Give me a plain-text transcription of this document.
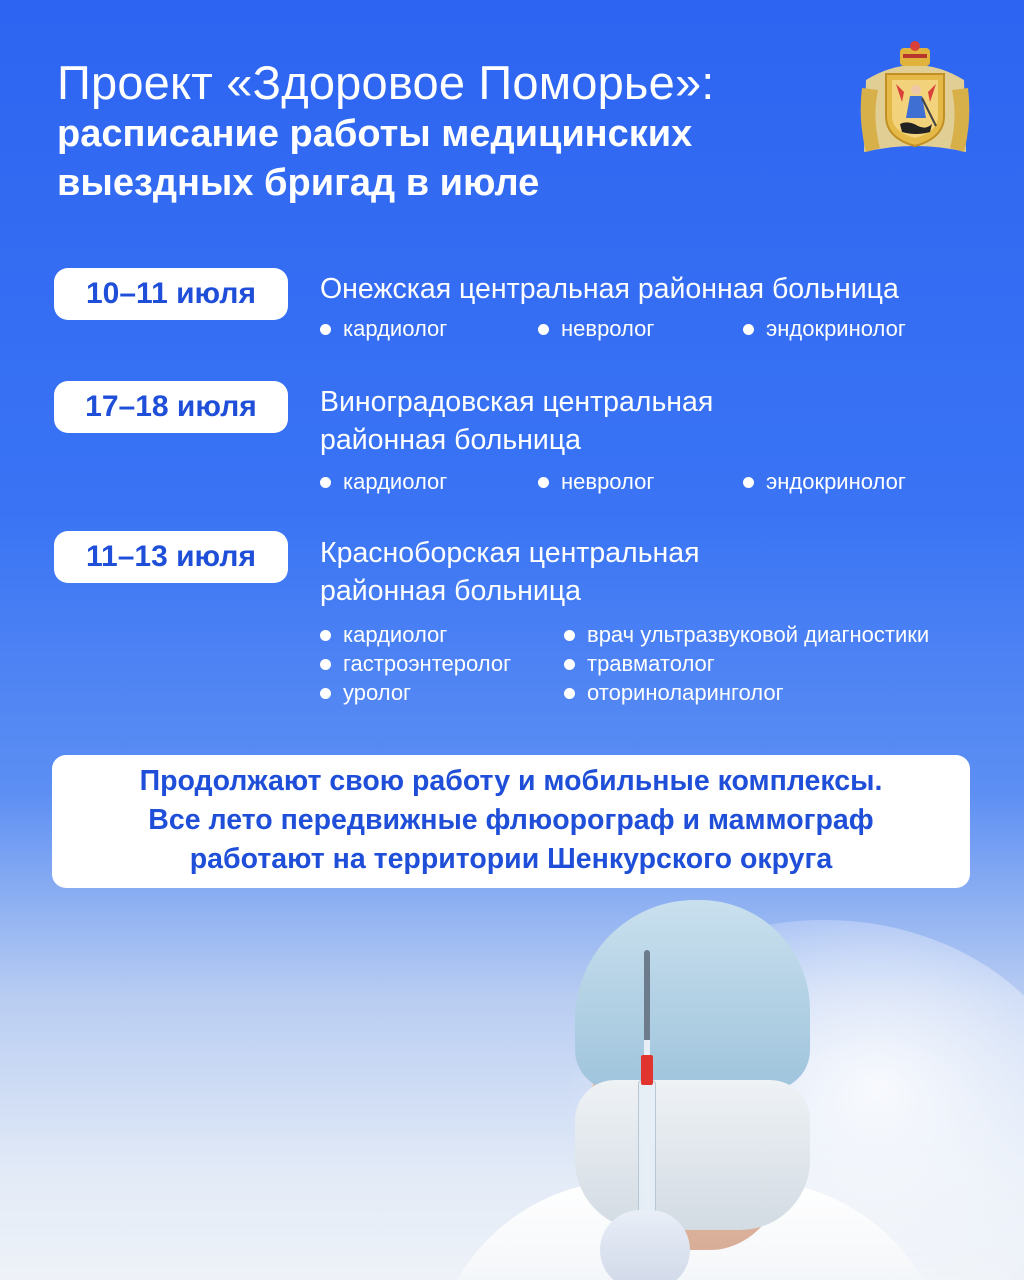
Проект «Здоровое Поморье»:
расписание работы медицинских
выездных бригад в июле
10–11 июля	Онежская центральная районная больница
кардиолог	невролог	эндокринолог
17–18 июля	Виноградовская центральная
районная больница
кардиолог	невролог	эндокринолог
11–13 июля	Красноборская центральная
районная больница
кардиолог	врач ультразвуковой диагностики
гастроэнтеролог	травматолог
уролог	оториноларинголог
Продолжают свою работу и мобильные комплексы.
Все лето передвижные флюорограф и маммограф
работают на территории Шенкурского округа
